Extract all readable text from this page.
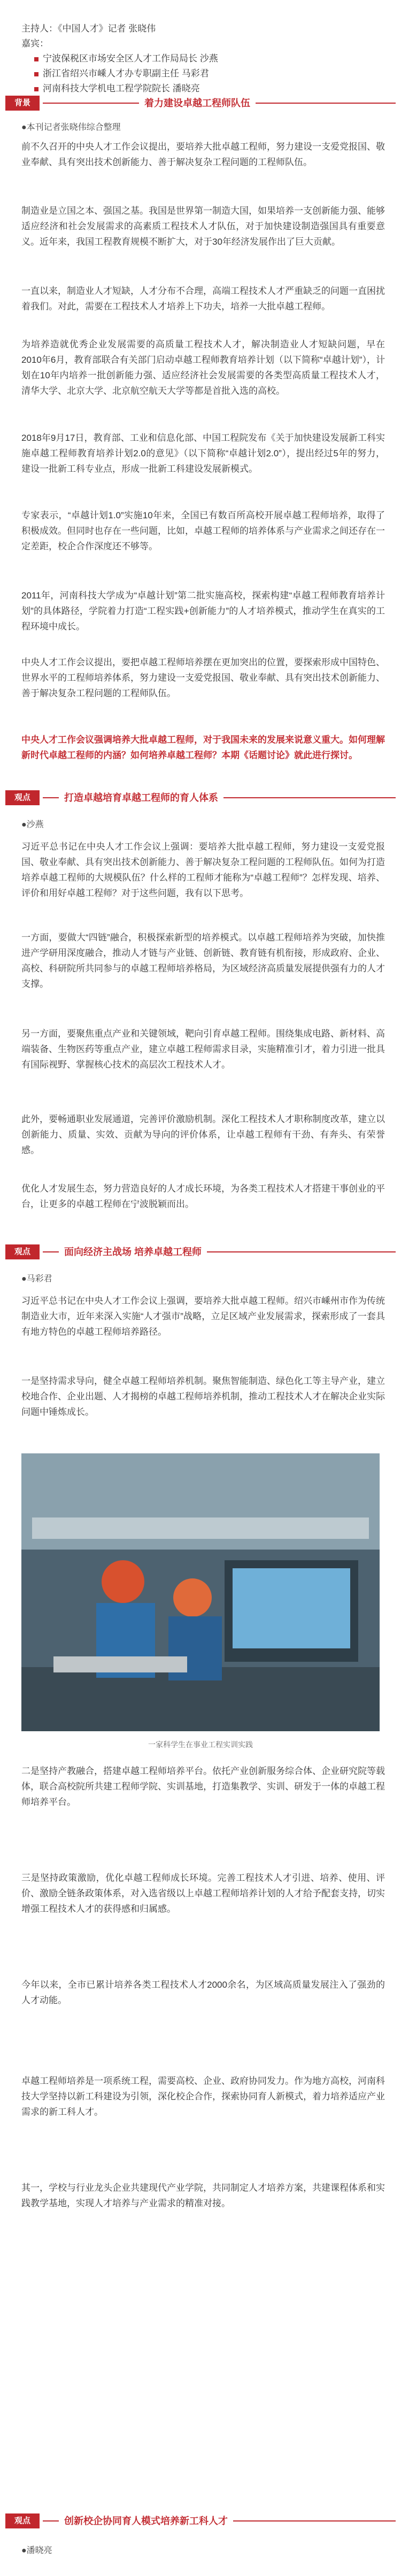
主持人：《中国人才》记者 张晓伟
嘉宾：
宁波保税区市场安全区人才工作局局长 沙燕
浙江省绍兴市嵊人才办专职副主任 马彩君
河南科技大学机电工程学院院长 潘晓亮
背景	着力建设卓越工程师队伍
●本刊记者张晓伟综合整理

前不久召开的中央人才工作会议提出，要培养大批卓越工程师，努力建设一支爱党报国、敬业奉献、具有突出技术创新能力、善于解决复杂工程问题的工程师队伍。

制造业是立国之本、强国之基。我国是世界第一制造大国，如果培养一支创新能力强、能够适应经济和社会发展需求的高素质工程技术人才队伍，对于加快建设制造强国具有重要意义。近年来，我国工程教育规模不断扩大，对于30年经济发展作出了巨大贡献。

一直以来，制造业人才短缺，人才分布不合理，高端工程技术人才严重缺乏的问题一直困扰着我们。对此，需要在工程技术人才培养上下功夫，培养一大批卓越工程师。

为培养造就优秀企业发展需要的高质量工程技术人才，解决制造业人才短缺问题，早在2010年6月，教育部联合有关部门启动卓越工程师教育培养计划（以下简称“卓越计划”），计划在10年内培养一批创新能力强、适应经济社会发展需要的各类型高质量工程技术人才，清华大学、北京大学、北京航空航天大学等都是首批入选的高校。

2018年9月17日，教育部、工业和信息化部、中国工程院发布《关于加快建设发展新工科实施卓越工程师教育培养计划2.0的意见》（以下简称“卓越计划2.0”），提出经过5年的努力，建设一批新工科专业点，形成一批新工科建设发展新模式。

专家表示，“卓越计划1.0”实施10年来，全国已有数百所高校开展卓越工程师培养，取得了积极成效。但同时也存在一些问题，比如，卓越工程师的培养体系与产业需求之间还存在一定差距，校企合作深度还不够等。

2011年，河南科技大学成为“卓越计划”第二批实施高校，探索构建“卓越工程师教育培养计划”的具体路径，学院着力打造“工程实践+创新能力”的人才培养模式，推动学生在真实的工程环境中成长。

中央人才工作会议提出，要把卓越工程师培养摆在更加突出的位置，要探索形成中国特色、世界水平的工程师培养体系，努力建设一支爱党报国、敬业奉献、具有突出技术创新能力、善于解决复杂工程问题的工程师队伍。

中央人才工作会议强调培养大批卓越工程师，对于我国未来的发展来说意义重大。如何理解新时代卓越工程师的内涵？如何培养卓越工程师？本期《话题讨论》就此进行探讨。

观点	打造卓越培育卓越工程师的育人体系
●沙燕

习近平总书记在中央人才工作会议上强调：要培养大批卓越工程师，努力建设一支爱党报国、敬业奉献、具有突出技术创新能力、善于解决复杂工程问题的工程师队伍。如何为打造培养卓越工程师的大规模队伍？什么样的工程师才能称为“卓越工程师”？怎样发现、培养、评价和用好卓越工程师？对于这些问题，我有以下思考。

一方面，要做大“四链”融合，积极探索新型的培养模式。以卓越工程师培养为突破，加快推进产学研用深度融合，推动人才链与产业链、创新链、教育链有机衔接，形成政府、企业、高校、科研院所共同参与的卓越工程师培养格局，为区域经济高质量发展提供强有力的人才支撑。

另一方面，要聚焦重点产业和关键领域，靶向引育卓越工程师。围绕集成电路、新材料、高端装备、生物医药等重点产业，建立卓越工程师需求目录，实施精准引才，着力引进一批具有国际视野、掌握核心技术的高层次工程技术人才。

此外，要畅通职业发展通道，完善评价激励机制。深化工程技术人才职称制度改革，建立以创新能力、质量、实效、贡献为导向的评价体系，让卓越工程师有干劲、有奔头、有荣誉感。

优化人才发展生态，努力营造良好的人才成长环境，为各类工程技术人才搭建干事创业的平台，让更多的卓越工程师在宁波脱颖而出。

观点	面向经济主战场 培养卓越工程师
●马彩君

习近平总书记在中央人才工作会议上强调，要培养大批卓越工程师。绍兴市嵊州市作为传统制造业大市，近年来深入实施“人才强市”战略，立足区域产业发展需求，探索形成了一套具有地方特色的卓越工程师培养路径。

一是坚持需求导向，健全卓越工程师培养机制。聚焦智能制造、绿色化工等主导产业，建立校地合作、企业出题、人才揭榜的卓越工程师培养机制，推动工程技术人才在解决企业实际问题中锤炼成长。

一家科学生在事业工程实训实践

二是坚持产教融合，搭建卓越工程师培养平台。依托产业创新服务综合体、企业研究院等载体，联合高校院所共建工程师学院、实训基地，打造集教学、实训、研发于一体的卓越工程师培养平台。

三是坚持政策激励，优化卓越工程师成长环境。完善工程技术人才引进、培养、使用、评价、激励全链条政策体系，对入选省级以上卓越工程师培养计划的人才给予配套支持，切实增强工程技术人才的获得感和归属感。

今年以来，全市已累计培养各类工程技术人才2000余名，为区域高质量发展注入了强劲的人才动能。

卓越工程师培养是一项系统工程，需要高校、企业、政府协同发力。作为地方高校，河南科技大学坚持以新工科建设为引领，深化校企合作，探索协同育人新模式，着力培养适应产业需求的新工科人才。

其一，学校与行业龙头企业共建现代产业学院，共同制定人才培养方案，共建课程体系和实践教学基地，实现人才培养与产业需求的精准对接。

观点	创新校企协同育人模式培养新工科人才
●潘晓亮
